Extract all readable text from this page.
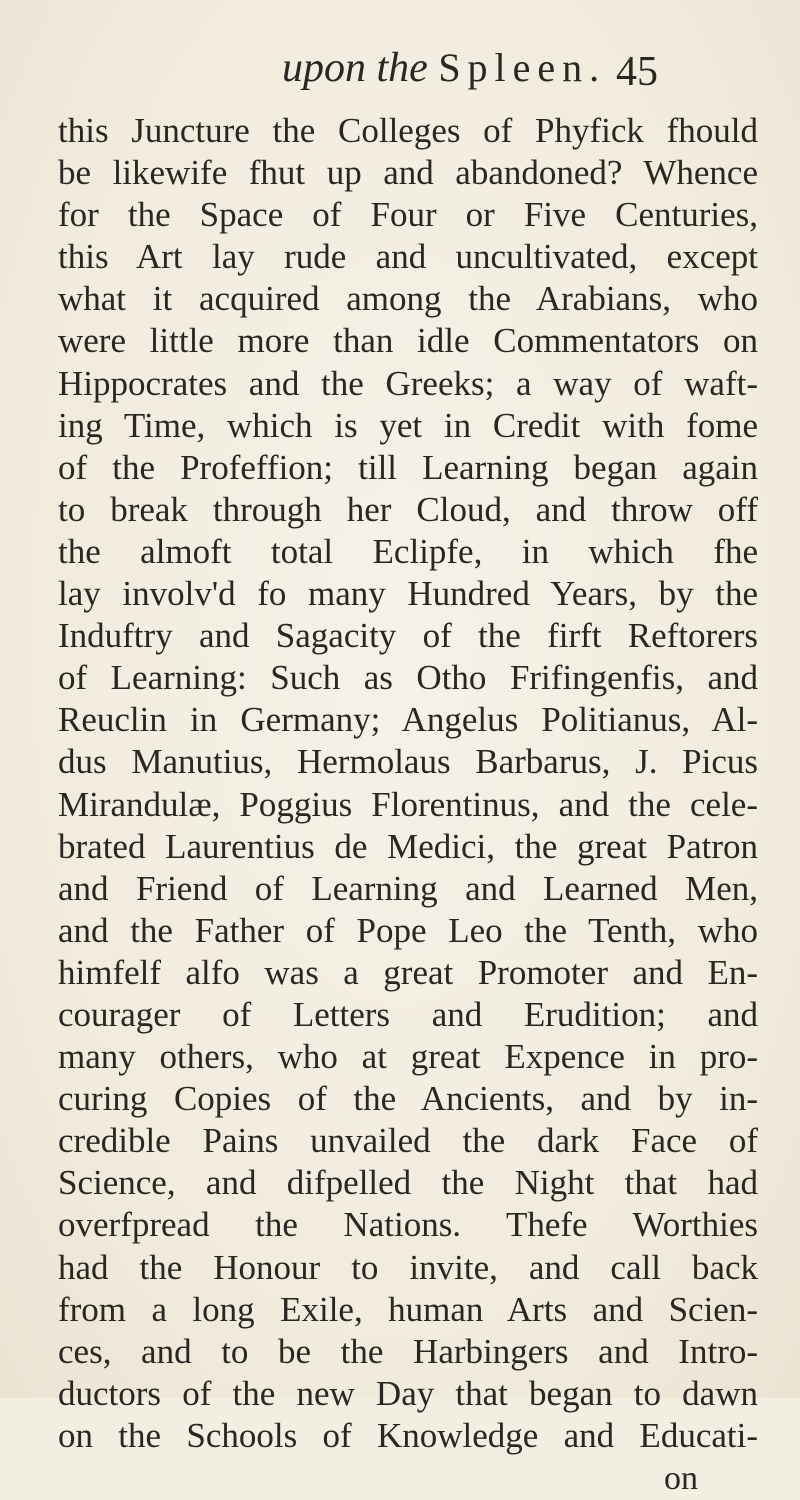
upon the Spleen. 45
this Juncture the Colleges of Phyfick fhould
be likewife fhut up and abandoned? Whence
for the Space of Four or Five Centuries,
this Art lay rude and uncultivated, except
what it acquired among the Arabians, who
were little more than idle Commentators on
Hippocrates and the Greeks; a way of waft-
ing Time, which is yet in Credit with fome
of the Profeffion; till Learning began again
to break through her Cloud, and throw off
the almoft total Eclipfe, in which fhe
lay involv'd fo many Hundred Years, by the
Induftry and Sagacity of the firft Reftorers
of Learning: Such as Otho Frifingenfis, and
Reuclin in Germany; Angelus Politianus, Al-
dus Manutius, Hermolaus Barbarus, J. Picus
Mirandulæ, Poggius Florentinus, and the cele-
brated Laurentius de Medici, the great Patron
and Friend of Learning and Learned Men,
and the Father of Pope Leo the Tenth, who
himfelf alfo was a great Promoter and En-
courager of Letters and Erudition; and
many others, who at great Expence in pro-
curing Copies of the Ancients, and by in-
credible Pains unvailed the dark Face of
Science, and difpelled the Night that had
overfpread the Nations. Thefe Worthies
had the Honour to invite, and call back
from a long Exile, human Arts and Scien-
ces, and to be the Harbingers and Intro-
ductors of the new Day that began to dawn
on the Schools of Knowledge and Educati-
on
